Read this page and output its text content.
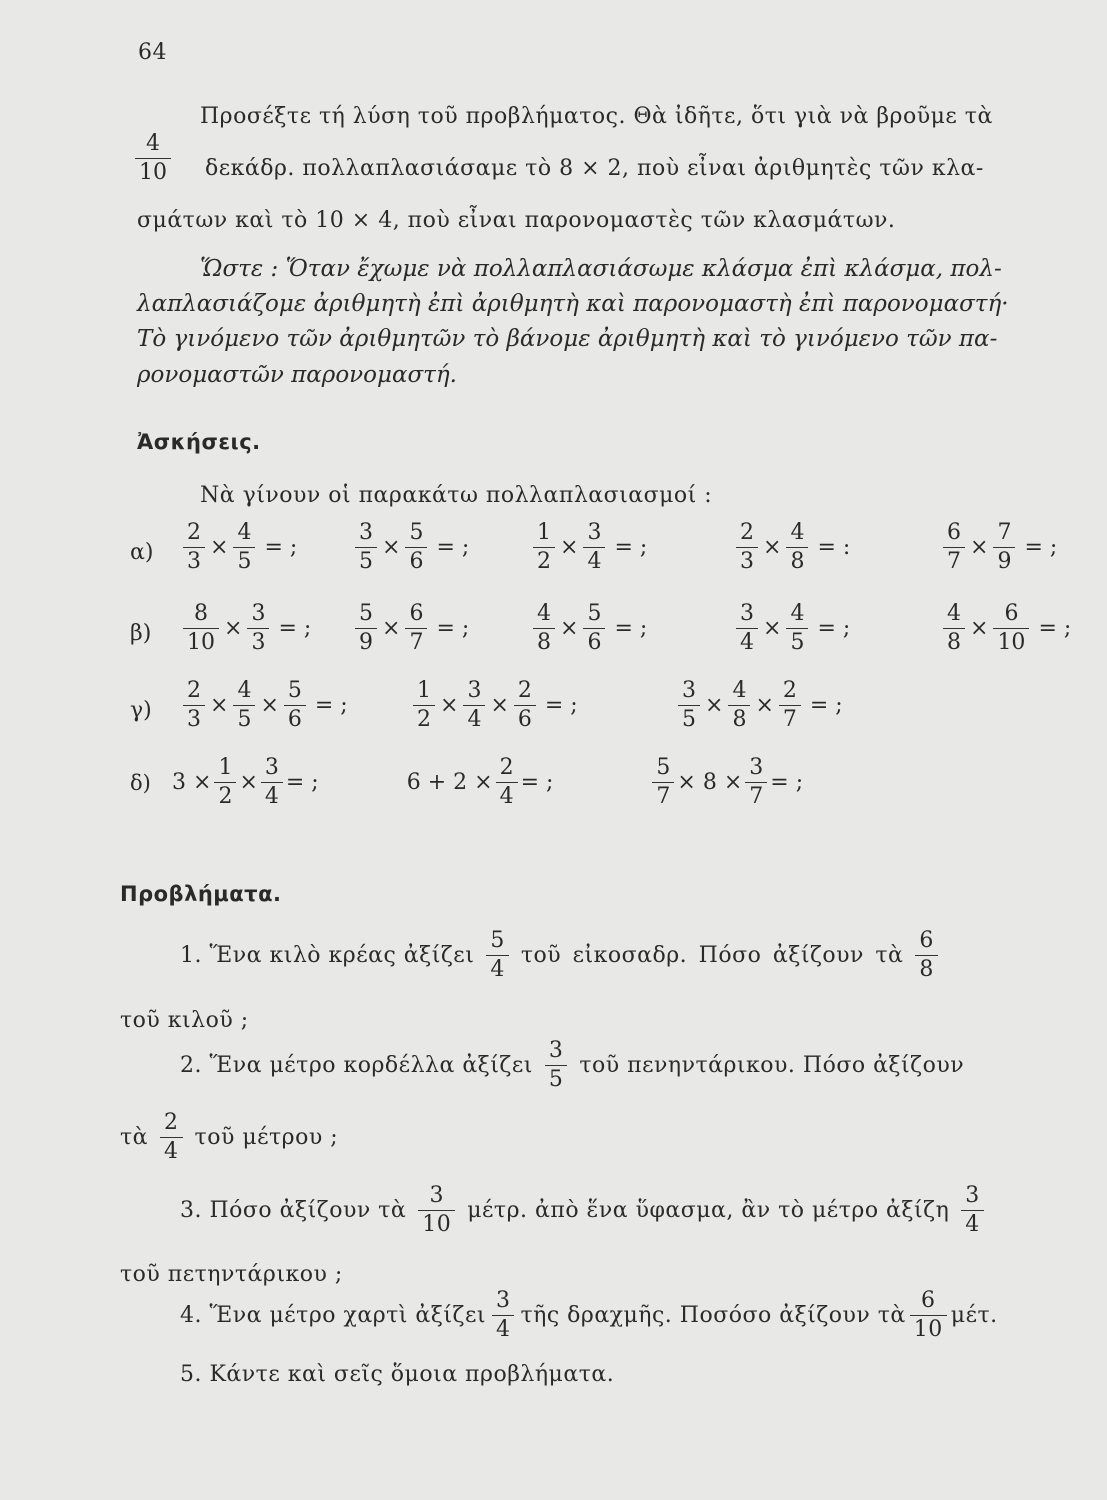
64
Προσέξτε τή λύση τοῦ προβλήματος. Θὰ ἰδῆτε, ὅτι γιὰ νὰ βροῦμε τὰ
$\frac{4}{10} \delta\varepsilon\kappa ά\delta\rho$. πολλαπλασιάσαμε τὸ 8 × 2, ποὺ εἶναι ἀριθμητὲς τῶν κλα-
σμάτων καὶ τὸ 10 × 4, ποὺ εἶναι παρονομαστὲς τῶν κλασμάτων.
Ὥστε : Ὅταν ἔχωμε νὰ πολλαπλασιάσωμε κλάσμα ἐπὶ κλάσμα, πολ-
λαπλασιάζομε ἀριθμητὴ ἐπὶ ἀριθμητὴ καὶ παρονομαστὴ ἐπὶ παρονομαστή·
Τὸ γινόμενο τῶν ἀριθμητῶν τὸ βάνομε ἀριθμητὴ καὶ τὸ γινόμενο τῶν πα-
ρονομαστῶν παρονομαστή.
Ἀσκήσεις.
Νὰ γίνουν οἱ παρακάτω πολλαπλασιασμοί :
$\alpha) \frac{2}{3} \times \frac{4}{5}$ = ;	$\frac{3}{5} \times \frac{5}{6}$ = ;	$\frac{1}{2} \times \frac{3}{4}$ = ;	$\frac{2}{3} \times \frac{4}{8}$ = :	$\frac{6}{7} \times \frac{7}{9}$ = ;
$\beta) \frac{8}{10} \times \frac{3}{3}$ = ; $\frac{5}{9} \times \frac{6}{7}$ = ;	$\frac{4}{8} \times \frac{5}{6}$ = ;	$\frac{3}{4} \times \frac{4}{5}$ = ;	$\frac{4}{8} \times \frac{6}{10}$ = ;
$\gamma) \frac{2}{3} \times \frac{4}{5} \times \frac{5}{6}$ = ;	$\frac{1}{2} \times \frac{3}{4} \times \frac{2}{6}$ = ;	$\frac{3}{5} \times \frac{4}{8} \times \frac{2}{7}$ = ;
δ) $3 \times \frac{1}{2} \times \frac{3}{4}$ = ;	$6 + 2 \times \frac{2}{4}$ = ;	$\frac{5}{7} \times 8 \times \frac{3}{7}$ = ;
Προβλήματα.
1. Ἕνα κιλὸ κρέας ἀξίζει $\frac{5}{4}$ τοῦ εἰκοσαδρ. Πόσο ἀξίζουν τὰ $\frac{6}{8}$
τοῦ κιλοῦ ;
2. Ἕνα μέτρο κορδέλλα ἀξίζει $\frac{3}{5}$ τοῦ πενηντάρικου. Πόσο ἀξίζουν
τὰ $\frac{2}{4}$ τοῦ μέτρου ;
3. Πόσο ἀξίζουν τὰ $\frac{3}{10} \mu έ\tau\rho$. ἀπὸ ἕνα ὕφασμα, ἂν τὸ μέτρο ἀξίζη $\frac{3}{4}$
τοῦ πετηντάρικου ;
4. Ἕνα μέτρο χαρτὶ ἀξίζει $\frac{3}{4}$ τῆς δραχμῆς. Ποσόσο ἀξίζουν τὰ $\frac{6}{10} \mu έ\tau$.
5. Κάντε καὶ σεῖς ὅμοια προβλήματα.
